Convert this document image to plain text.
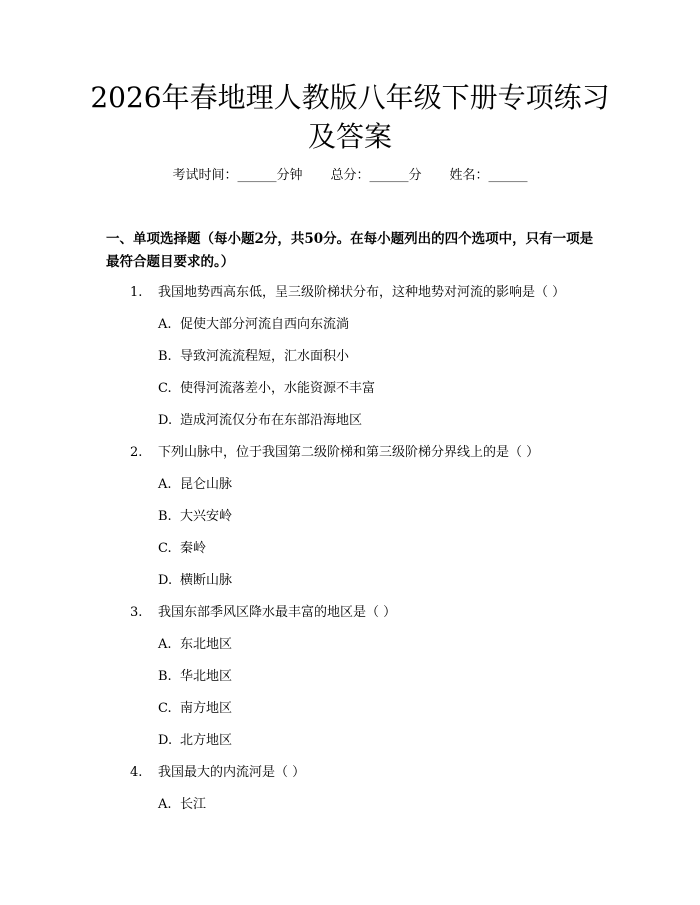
2026年春地理人教版八年级下册专项练习及答案
考试时间：______分钟 总分：______分 姓名：______
一、单项选择题（每小题2分，共50分。在每小题列出的四个选项中，只有一项是最符合题目要求的。）
1. 我国地势西高东低，呈三级阶梯状分布，这种地势对河流的影响是（ ）
A. 促使大部分河流自西向东流淌
B. 导致河流流程短，汇水面积小
C. 使得河流落差小，水能资源不丰富
D. 造成河流仅分布在东部沿海地区
2. 下列山脉中，位于我国第二级阶梯和第三级阶梯分界线上的是（ ）
A. 昆仑山脉
B. 大兴安岭
C. 秦岭
D. 横断山脉
3. 我国东部季风区降水最丰富的地区是（ ）
A. 东北地区
B. 华北地区
C. 南方地区
D. 北方地区
4. 我国最大的内流河是（ ）
A. 长江
